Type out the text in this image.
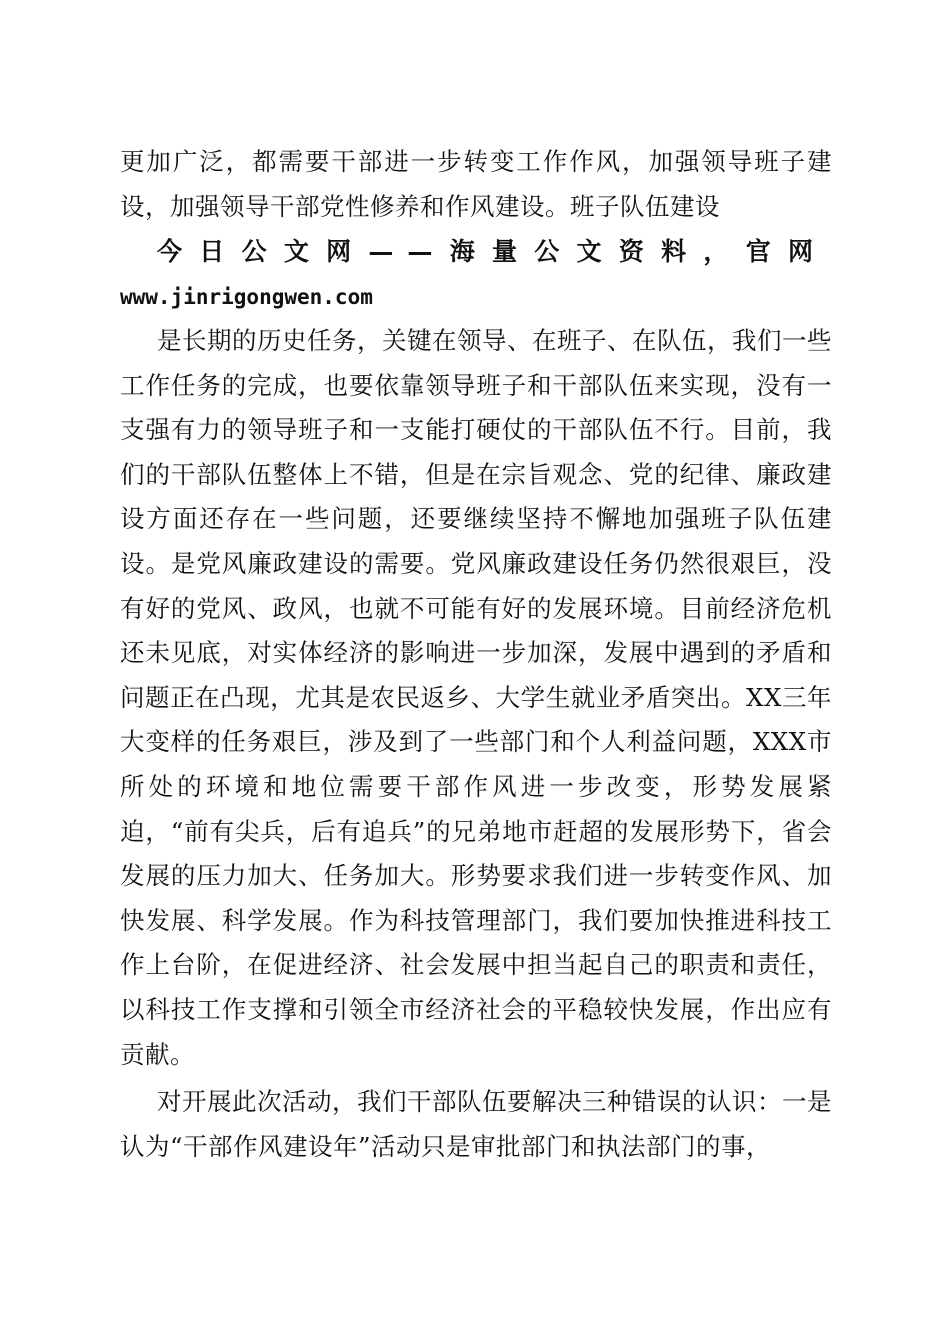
更加广泛，都需要干部进一步转变工作作风，加强领导班子建设，加强领导干部党性修养和作风建设。班子队伍建设
今日公文网——海量公文资料，官网
www.jinrigongwen.com
是长期的历史任务，关键在领导、在班子、在队伍，我们一些工作任务的完成，也要依靠领导班子和干部队伍来实现，没有一支强有力的领导班子和一支能打硬仗的干部队伍不行。目前，我们的干部队伍整体上不错，但是在宗旨观念、党的纪律、廉政建设方面还存在一些问题，还要继续坚持不懈地加强班子队伍建设。是党风廉政建设的需要。党风廉政建设任务仍然很艰巨，没有好的党风、政风，也就不可能有好的发展环境。目前经济危机还未见底，对实体经济的影响进一步加深，发展中遇到的矛盾和问题正在凸现，尤其是农民返乡、大学生就业矛盾突出。XX三年大变样的任务艰巨，涉及到了一些部门和个人利益问题，XXX市所处的环境和地位需要干部作风进一步改变，形势发展紧迫，“前有尖兵，后有追兵”的兄弟地市赶超的发展形势下，省会发展的压力加大、任务加大。形势要求我们进一步转变作风、加快发展、科学发展。作为科技管理部门，我们要加快推进科技工作上台阶，在促进经济、社会发展中担当起自己的职责和责任，以科技工作支撑和引领全市经济社会的平稳较快发展，作出应有贡献。
对开展此次活动，我们干部队伍要解决三种错误的认识：一是认为“干部作风建设年”活动只是审批部门和执法部门的事，
